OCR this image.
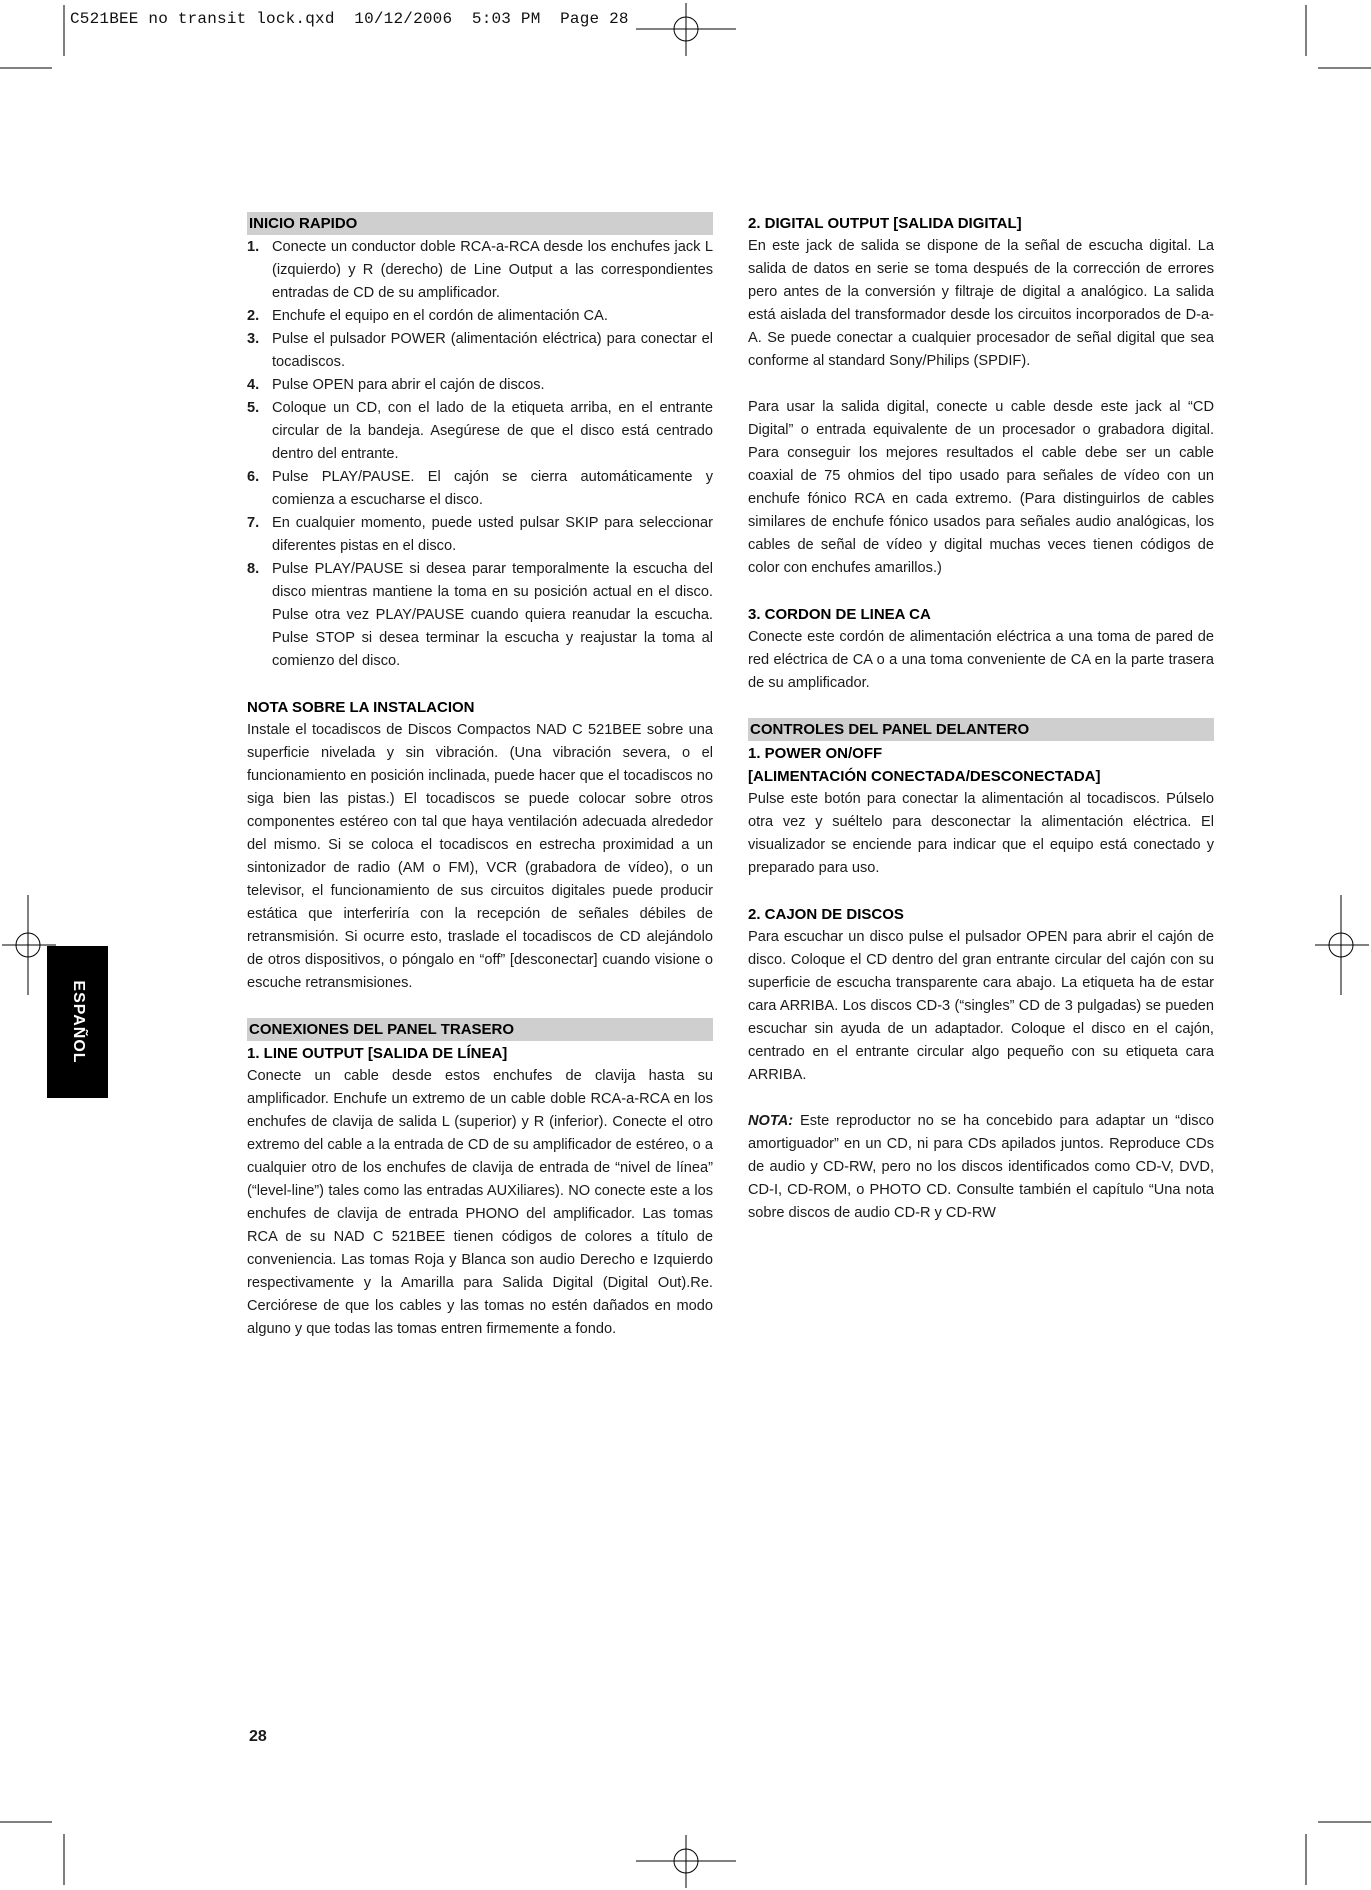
C521BEE no transit lock.qxd 10/12/2006 5:03 PM Page 28
ESPAÑOL
INICIO RAPIDO
1. Conecte un conductor doble RCA-a-RCA desde los enchufes jack L (izquierdo) y R (derecho) de Line Output a las correspondientes entradas de CD de su amplificador.
2. Enchufe el equipo en el cordón de alimentación CA.
3. Pulse el pulsador POWER (alimentación eléctrica) para conectar el tocadiscos.
4. Pulse OPEN para abrir el cajón de discos.
5. Coloque un CD, con el lado de la etiqueta arriba, en el entrante circular de la bandeja. Asegúrese de que el disco está centrado dentro del entrante.
6. Pulse PLAY/PAUSE. El cajón se cierra automáticamente y comienza a escucharse el disco.
7. En cualquier momento, puede usted pulsar SKIP para seleccionar diferentes pistas en el disco.
8. Pulse PLAY/PAUSE si desea parar temporalmente la escucha del disco mientras mantiene la toma en su posición actual en el disco. Pulse otra vez PLAY/PAUSE cuando quiera reanudar la escucha. Pulse STOP si desea terminar la escucha y reajustar la toma al comienzo del disco.
NOTA SOBRE LA INSTALACION

Instale el tocadiscos de Discos Compactos NAD C 521BEE sobre una superficie nivelada y sin vibración. (Una vibración severa, o el funcionamiento en posición inclinada, puede hacer que el tocadiscos no siga bien las pistas.) El tocadiscos se puede colocar sobre otros componentes estéreo con tal que haya ventilación adecuada alrededor del mismo. Si se coloca el tocadiscos en estrecha proximidad a un sintonizador de radio (AM o FM), VCR (grabadora de vídeo), o un televisor, el funcionamiento de sus circuitos digitales puede producir estática que interferiría con la recepción de señales débiles de retransmisión. Si ocurre esto, traslade el tocadiscos de CD alejándolo de otros dispositivos, o póngalo en “off” [desconectar] cuando visione o escuche retransmisiones.

CONEXIONES DEL PANEL TRASERO
1. LINE OUTPUT [SALIDA DE LÍNEA]

Conecte un cable desde estos enchufes de clavija hasta su amplificador. Enchufe un extremo de un cable doble RCA-a-RCA en los enchufes de clavija de salida L (superior) y R (inferior). Conecte el otro extremo del cable a la entrada de CD de su amplificador de estéreo, o a cualquier otro de los enchufes de clavija de entrada de “nivel de línea” (“level-line”) tales como las entradas AUXiliares). NO conecte este a los enchufes de clavija de entrada PHONO del amplificador. Las tomas RCA de su NAD C 521BEE tienen códigos de colores a título de conveniencia. Las tomas Roja y Blanca son audio Derecho e Izquierdo respectivamente y la Amarilla para Salida Digital (Digital Out).Re. Cerciórese de que los cables y las tomas no estén dañados en modo alguno y que todas las tomas entren firmemente a fondo.

2. DIGITAL OUTPUT [SALIDA DIGITAL]

En este jack de salida se dispone de la señal de escucha digital. La salida de datos en serie se toma después de la corrección de errores pero antes de la conversión y filtraje de digital a analógico. La salida está aislada del transformador desde los circuitos incorporados de D-a-A. Se puede conectar a cualquier procesador de señal digital que sea conforme al standard Sony/Philips (SPDIF).

Para usar la salida digital, conecte u cable desde este jack al “CD Digital” o entrada equivalente de un procesador o grabadora digital. Para conseguir los mejores resultados el cable debe ser un cable coaxial de 75 ohmios del tipo usado para señales de vídeo con un enchufe fónico RCA en cada extremo. (Para distinguirlos de cables similares de enchufe fónico usados para señales audio analógicas, los cables de señal de vídeo y digital muchas veces tienen códigos de color con enchufes amarillos.)

3. CORDON DE LINEA CA

Conecte este cordón de alimentación eléctrica a una toma de pared de red eléctrica de CA o a una toma conveniente de CA en la parte trasera de su amplificador.

CONTROLES DEL PANEL DELANTERO
1. POWER ON/OFF
[ALIMENTACIÓN CONECTADA/DESCONECTADA]

Pulse este botón para conectar la alimentación al tocadiscos. Púlselo otra vez y suéltelo para desconectar la alimentación eléctrica. El visualizador se enciende para indicar que el equipo está conectado y preparado para uso.

2. CAJON DE DISCOS

Para escuchar un disco pulse el pulsador OPEN para abrir el cajón de disco. Coloque el CD dentro del gran entrante circular del cajón con su superficie de escucha transparente cara abajo. La etiqueta ha de estar cara ARRIBA. Los discos CD-3 (“singles” CD de 3 pulgadas) se pueden escuchar sin ayuda de un adaptador. Coloque el disco en el cajón, centrado en el entrante circular algo pequeño con su etiqueta cara ARRIBA.

NOTA: Este reproductor no se ha concebido para adaptar un “disco amortiguador” en un CD, ni para CDs apilados juntos. Reproduce CDs de audio y CD-RW, pero no los discos identificados como CD-V, DVD, CD-I, CD-ROM, o PHOTO CD. Consulte también el capítulo “Una nota sobre discos de audio CD-R y CD-RW

28
